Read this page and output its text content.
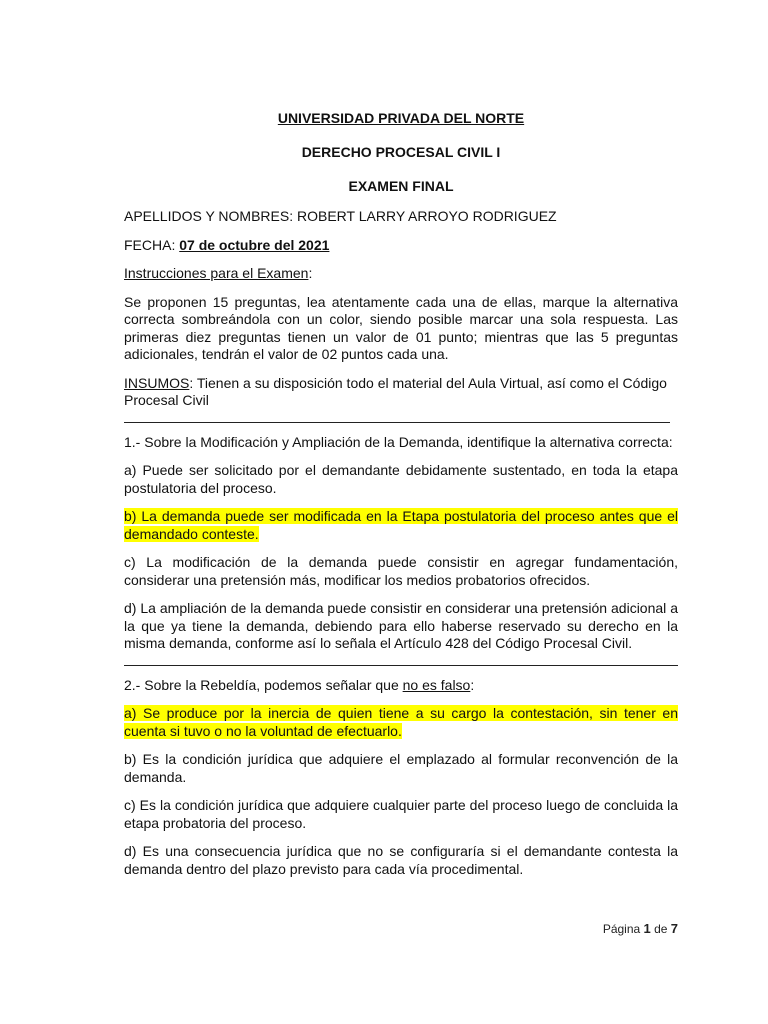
UNIVERSIDAD PRIVADA DEL NORTE
DERECHO PROCESAL CIVIL I
EXAMEN FINAL

APELLIDOS Y NOMBRES: ROBERT LARRY ARROYO RODRIGUEZ

FECHA: 07 de octubre del 2021

Instrucciones para el Examen:

Se proponen 15 preguntas, lea atentamente cada una de ellas, marque la alternativa correcta sombreándola con un color, siendo posible marcar una sola respuesta. Las primeras diez preguntas tienen un valor de 01 punto; mientras que las 5 preguntas adicionales, tendrán el valor de 02 puntos cada una.

INSUMOS: Tienen a su disposición todo el material del Aula Virtual, así como el Código Procesal Civil

1.- Sobre la Modificación y Ampliación de la Demanda, identifique la alternativa correcta:

a) Puede ser solicitado por el demandante debidamente sustentado, en toda la etapa postulatoria del proceso.

b) La demanda puede ser modificada en la Etapa postulatoria del proceso antes que el demandado conteste.

c) La modificación de la demanda puede consistir en agregar fundamentación, considerar una pretensión más, modificar los medios probatorios ofrecidos.

d) La ampliación de la demanda puede consistir en considerar una pretensión adicional a la que ya tiene la demanda, debiendo para ello haberse reservado su derecho en la misma demanda, conforme así lo señala el Artículo 428 del Código Procesal Civil.

2.- Sobre la Rebeldía, podemos señalar que no es falso:

a) Se produce por la inercia de quien tiene a su cargo la contestación, sin tener en cuenta si tuvo o no la voluntad de efectuarlo.

b) Es la condición jurídica que adquiere el emplazado al formular reconvención de la demanda.

c) Es la condición jurídica que adquiere cualquier parte del proceso luego de concluida la etapa probatoria del proceso.

d) Es una consecuencia jurídica que no se configuraría si el demandante contesta la demanda dentro del plazo previsto para cada vía procedimental.

Página 1 de 7
